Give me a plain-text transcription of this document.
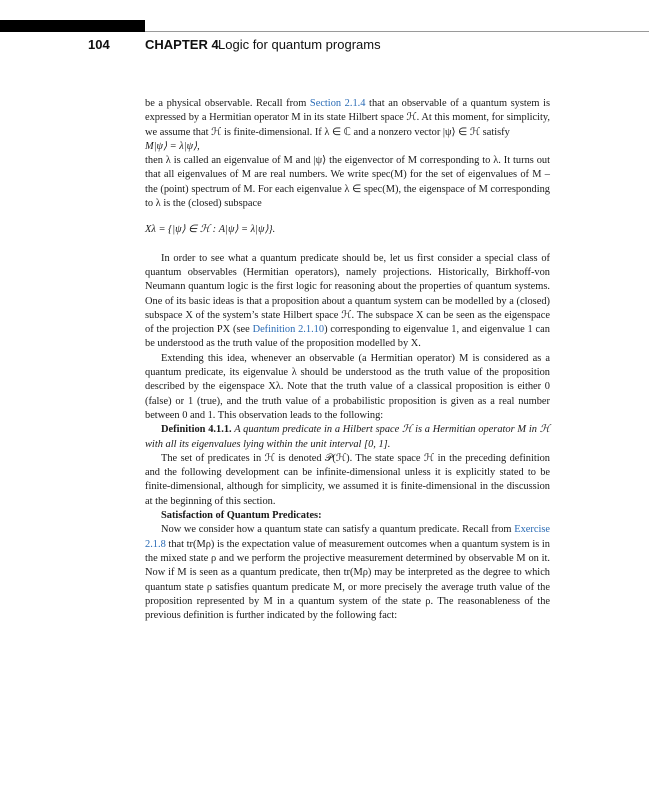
104	CHAPTER 4 Logic for quantum programs

be a physical observable. Recall from Section 2.1.4 that an observable of a quantum system is expressed by a Hermitian operator M in its state Hilbert space ℋ. At this moment, for simplicity, we assume that ℋ is finite-dimensional. If λ ∈ ℂ and a nonzero vector |ψ⟩ ∈ ℋ satisfy

M|ψ⟩ = λ|ψ⟩,

then λ is called an eigenvalue of M and |ψ⟩ the eigenvector of M corresponding to λ. It turns out that all eigenvalues of M are real numbers. We write spec(M) for the set of eigenvalues of M – the (point) spectrum of M. For each eigenvalue λ ∈ spec(M), the eigenspace of M corresponding to λ is the (closed) subspace

Xλ = {|ψ⟩ ∈ ℋ : A|ψ⟩ = λ|ψ⟩}.

In order to see what a quantum predicate should be, let us first consider a special class of quantum observables (Hermitian operators), namely projections. Historically, Birkhoff-von Neumann quantum logic is the first logic for reasoning about the properties of quantum systems. One of its basic ideas is that a proposition about a quantum system can be modelled by a (closed) subspace X of the system’s state Hilbert space ℋ. The subspace X can be seen as the eigenspace of the projection PX (see Definition 2.1.10) corresponding to eigenvalue 1, and eigenvalue 1 can be understood as the truth value of the proposition modelled by X.

Extending this idea, whenever an observable (a Hermitian operator) M is considered as a quantum predicate, its eigenvalue λ should be understood as the truth value of the proposition described by the eigenspace Xλ. Note that the truth value of a classical proposition is either 0 (false) or 1 (true), and the truth value of a probabilistic proposition is given as a real number between 0 and 1. This observation leads to the following:

Definition 4.1.1. A quantum predicate in a Hilbert space ℋ is a Hermitian operator M in ℋ with all its eigenvalues lying within the unit interval [0, 1].

The set of predicates in ℋ is denoted 𝒫(ℋ). The state space ℋ in the preceding definition and the following development can be infinite-dimensional unless it is explicitly stated to be finite-dimensional, although for simplicity, we assumed it is finite-dimensional in the discussion at the beginning of this section.

Satisfaction of Quantum Predicates:

Now we consider how a quantum state can satisfy a quantum predicate. Recall from Exercise 2.1.8 that tr(Mρ) is the expectation value of measurement outcomes when a quantum system is in the mixed state ρ and we perform the projective measurement determined by observable M on it. Now if M is seen as a quantum predicate, then tr(Mρ) may be interpreted as the degree to which quantum state ρ satisfies quantum predicate M, or more precisely the average truth value of the proposition represented by M in a quantum system of the state ρ. The reasonableness of the previous definition is further indicated by the following fact:
